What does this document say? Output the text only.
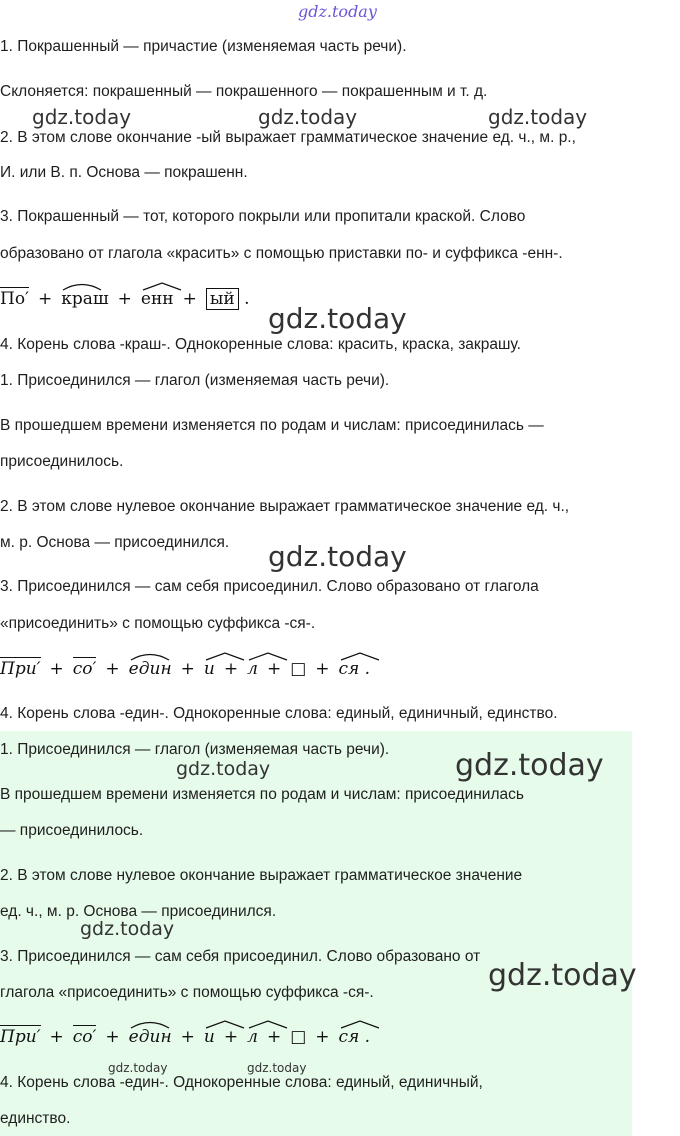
gdz.today
1. Покрашенный — причастие (изменяемая часть речи).
Склоняется: покрашенный — покрашенного — покрашенным и т. д.
2. В этом слове окончание -ый выражает грамматическое значение ед. ч., м. р.,
И. или В. п. Основа — покрашенн.
3. Покрашенный — тот, которого покрыли или пропитали краской. Слово
образовано от глагола «красить» с помощью приставки по- и суффикса -енн-.
По′ + краш + енн + ый .
4. Корень слова -краш-. Однокоренные слова: красить, краска, закрашу.
1. Присоединился — глагол (изменяемая часть речи).
В прошедшем времени изменяется по родам и числам: присоединилась —
присоединилось.
2. В этом слове нулевое окончание выражает грамматическое значение ед. ч.,
м. р. Основа — присоединился.
3. Присоединился — сам себя присоединил. Слово образовано от глагола
«присоединить» с помощью суффикса -ся-.
При′ + со′ + един + и + л + □ + ся .
4. Корень слова -един-. Однокоренные слова: единый, единичный, единство.
1. Присоединился — глагол (изменяемая часть речи).
В прошедшем времени изменяется по родам и числам: присоединилась
— присоединилось.
2. В этом слове нулевое окончание выражает грамматическое значение
ед. ч., м. р. Основа — присоединился.
3. Присоединился — сам себя присоединил. Слово образовано от
глагола «присоединить» с помощью суффикса -ся-.
При′ + со′ + един + и + л + □ + ся .
4. Корень слова -един-. Однокоренные слова: единый, единичный,
единство.
gdz.today	gdz.today	gdz.today
gdz.today
gdz.today
gdz.today	gdz.today
gdz.today
gdz.today
gdz.today	gdz.today
